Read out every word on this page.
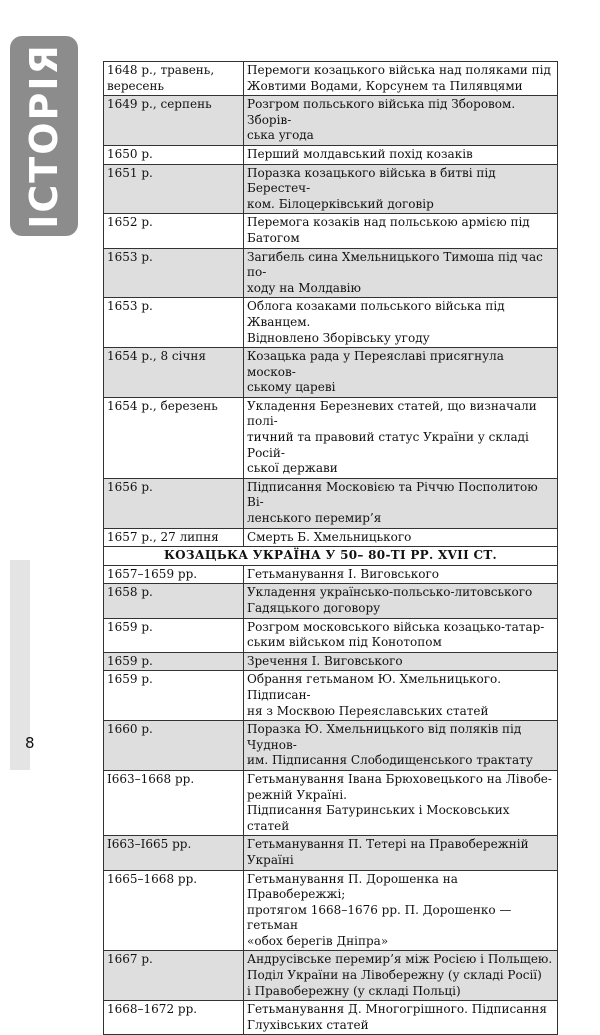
ІСТОРІЯ	1648 р., травень, вересень	Перемоги козацького війська над поляками під
Жовтими Водами, Корсунем та Пилявцями

1649 р., серпень	Розгром польського війська під Зборовом. Зборів-
ська угода

1650 р.	Перший молдавський похід козаків

1651 р.	Поразка козацького війська в битві під Берестеч-
ком. Білоцерківський договір

1652 р.	Перемога козаків над польською армією під Батогом

1653 р.	Загибель сина Хмельницького Тимоша під час по-
ходу на Молдавію

1653 р.	Облога козаками польського війська під Жванцем.
Відновлено Зборівську угоду

1654 р., 8 січня	Козацька рада у Переяславі присягнула москов-
ському цареві

1654 р., березень	Укладення Березневих статей, що визначали полі-
тичний та правовий статус України у складі Росій-
ської держави

1656 р.	Підписання Московією та Річчю Посполитою Ві-
ленського перемир’я

1657 р., 27 липня	Смерть Б. Хмельницького

КОЗАЦЬКА УКРАЇНА У 50– 80-ТІ РР. XVII СТ.	
1657–1659 рр.	Гетьманування І. Виговського

1658 р.	Укладення українсько-польсько-литовського
Гадяцького договору

1659 р.	Розгром московського війська козацько-татар-
ським військом під Конотопом

1659 р.	Зречення І. Виговського

1659 р.	Обрання гетьманом Ю. Хмельницького. Підписан-
ня з Москвою Переяславських статей

1660 р.	Поразка Ю. Хмельницького від поляків під Чуднов-
им. Підписання Слободищенського трактату

І663–1668 рр.	Гетьманування Івана Брюховецького на Лівобе-
режній Україні.
Підписання Батуринських і Московських статей

І663–І665 рр.	Гетьманування П. Тетері на Правобережній Україні

1665–1668 рр.	Гетьманування П. Дорошенка на Правобережжі;
протягом 1668–1676 рр. П. Дорошенко — гетьман
«обох берегів Дніпра»

1667 р.	Андрусівське перемир’я між Росією і Польщею.
Поділ України на Лівобережну (у складі Росії)
і Правобережну (у складі Польці)

1668–1672 рр.	Гетьманування Д. Многогрішного. Підписання
Глухівських статей
8
